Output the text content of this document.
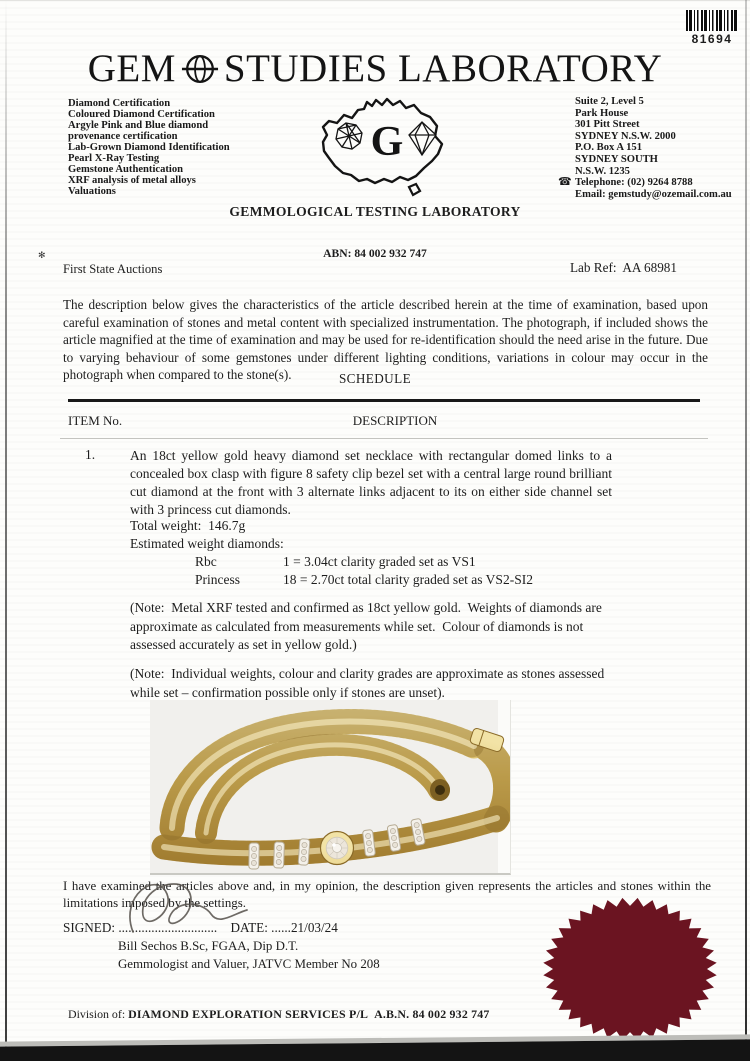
81694
GEM STUDIES LABORATORY
Diamond Certification
Coloured Diamond Certification
Argyle Pink and Blue diamond
provenance certification
Lab-Grown Diamond Identification
Pearl X-Ray Testing
Gemstone Authentication
XRF analysis of metal alloys
Valuations
G
Suite 2, Level 5
Park House
301 Pitt Street
SYDNEY N.S.W. 2000
P.O. Box A 151
SYDNEY SOUTH
N.S.W. 1235
☎ Telephone: (02) 9264 8788
Email: gemstudy@ozemail.com.au
GEMMOLOGICAL TESTING LABORATORY
ABN: 84 002 932 747
✻
First State Auctions	Lab Ref: AA 68981
The description below gives the characteristics of the article described herein at the time of examination, based upon careful examination of stones and metal content with specialized instrumentation. The photograph, if included shows the article magnified at the time of examination and may be used for re-identification should the need arise in the future. Due to varying behaviour of some gemstones under different lighting conditions, variations in colour may occur in the photograph when compared to the stone(s).	SCHEDULE
ITEM No.	DESCRIPTION
1.	An 18ct yellow gold heavy diamond set necklace with rectangular domed links to a concealed box clasp with figure 8 safety clip bezel set with a central large round brilliant cut diamond at the front with 3 alternate links adjacent to its on either side channel set with 3 princess cut diamonds.
Total weight:  146.7g
Estimated weight diamonds:
Rbc	1 = 3.04ct clarity graded set as VS1
Princess	18 = 2.70ct total clarity graded set as VS2-SI2
(Note:  Metal XRF tested and confirmed as 18ct yellow gold.  Weights of diamonds are approximate as calculated from measurements while set.  Colour of diamonds is not assessed accurately as set in yellow gold.)
(Note:  Individual weights, colour and clarity grades are approximate as stones assessed while set – confirmation possible only if stones are unset).
I have examined the articles above and, in my opinion, the description given represents the articles and stones within the limitations imposed by the settings.
SIGNED: .............................. DATE: ......21/03/24
Bill Sechos B.Sc, FGAA, Dip D.T.
Gemmologist and Valuer, JATVC Member No 208
Division of: DIAMOND EXPLORATION SERVICES P/L A.B.N. 84 002 932 747
